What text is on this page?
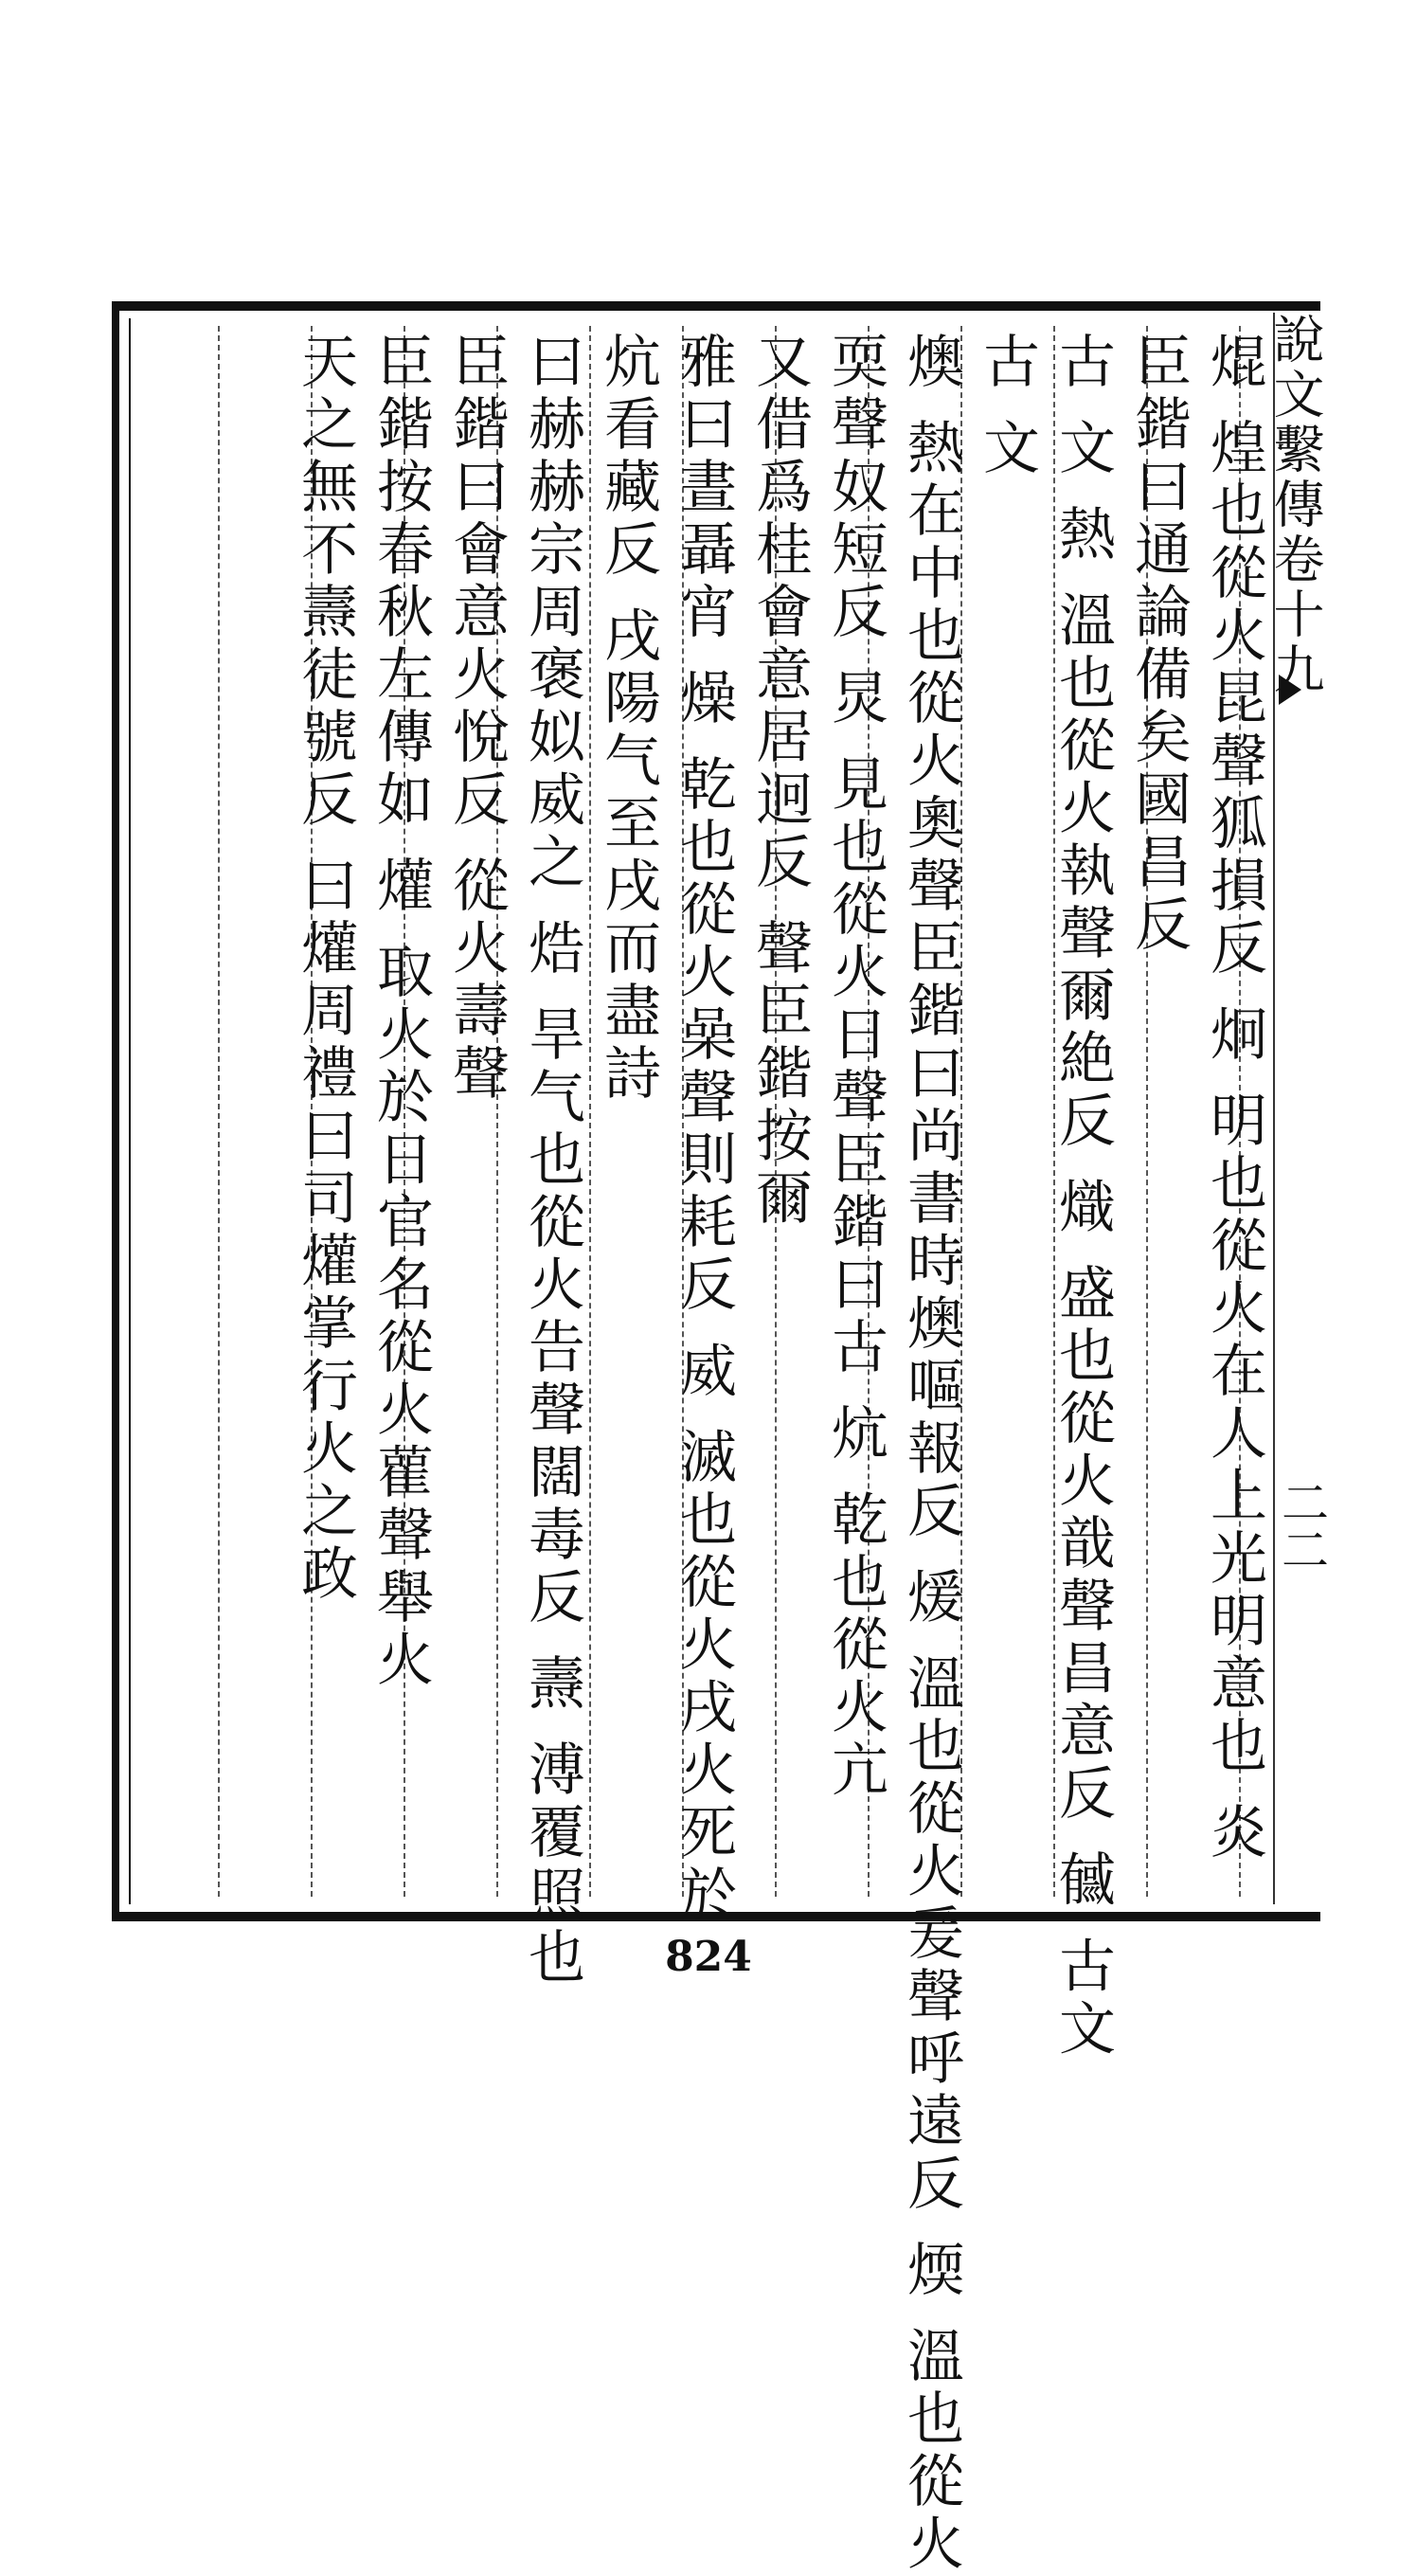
焜 煌也從火昆聲狐損反 炯 明也從火在人上光明意也 炎
臣鍇曰通論備矣國昌反
古 文 熱 溫也從火執聲爾絶反 熾 盛也從火戠聲昌意反 㦽 古文
古 文
燠 熱在中也從火奧聲臣鍇曰尚書時燠嘔報反 煖 溫也從火爰聲呼遠反 煗 溫也從火
耎聲奴短反 炅 見也從火日聲臣鍇曰古 炕 乾也從火亢
又借爲桂會意居迥反 聲臣鍇按爾
雅曰晝聶宵 燥 乾也從火喿聲則耗反 威 滅也從火戌火死於
炕看藏反 戌陽气至戌而盡詩
曰赫赫宗周褒姒威之 焅 旱气也從火告聲闊毒反 燾 溥覆照也
臣鍇曰會意火悅反 從火壽聲
臣鍇按春秋左傳如 爟 取火於日官名從火雚聲舉火
天之無不燾徒號反 曰爟周禮曰司爟掌行火之政	說文繫傳卷十九
二二
824
